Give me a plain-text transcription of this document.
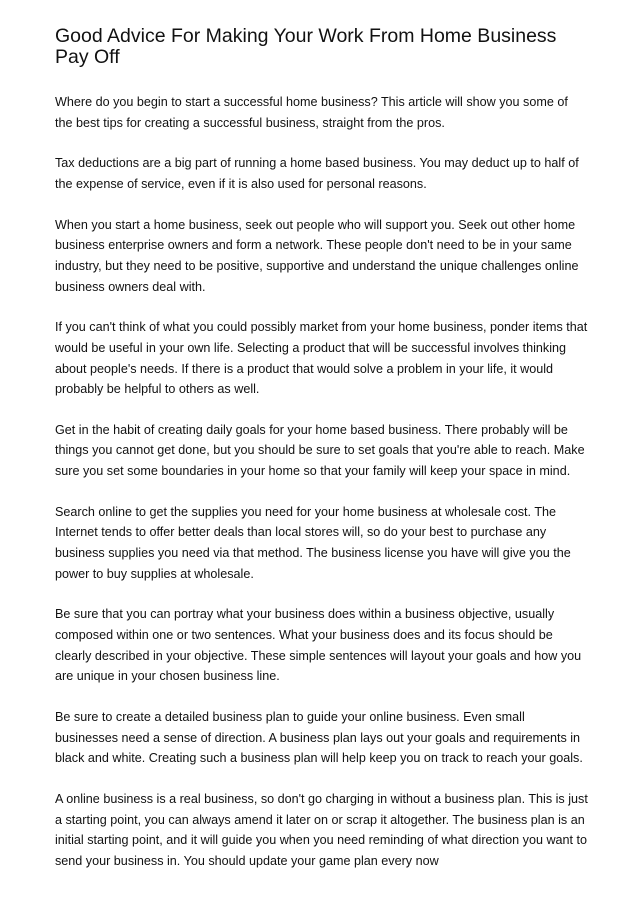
Good Advice For Making Your Work From Home Business Pay Off

Where do you begin to start a successful home business? This article will show you some of the best tips for creating a successful business, straight from the pros.

Tax deductions are a big part of running a home based business. You may deduct up to half of the expense of service, even if it is also used for personal reasons.

When you start a home business, seek out people who will support you. Seek out other home business enterprise owners and form a network. These people don't need to be in your same industry, but they need to be positive, supportive and understand the unique challenges online business owners deal with.

If you can't think of what you could possibly market from your home business, ponder items that would be useful in your own life. Selecting a product that will be successful involves thinking about people's needs. If there is a product that would solve a problem in your life, it would probably be helpful to others as well.

Get in the habit of creating daily goals for your home based business. There probably will be things you cannot get done, but you should be sure to set goals that you're able to reach. Make sure you set some boundaries in your home so that your family will keep your space in mind.

Search online to get the supplies you need for your home business at wholesale cost. The Internet tends to offer better deals than local stores will, so do your best to purchase any business supplies you need via that method. The business license you have will give you the power to buy supplies at wholesale.

Be sure that you can portray what your business does within a business objective, usually composed within one or two sentences. What your business does and its focus should be clearly described in your objective. These simple sentences will layout your goals and how you are unique in your chosen business line.

Be sure to create a detailed business plan to guide your online business. Even small businesses need a sense of direction. A business plan lays out your goals and requirements in black and white. Creating such a business plan will help keep you on track to reach your goals.

A online business is a real business, so don't go charging in without a business plan. This is just a starting point, you can always amend it later on or scrap it altogether. The business plan is an initial starting point, and it will guide you when you need reminding of what direction you want to send your business in. You should update your game plan every now
